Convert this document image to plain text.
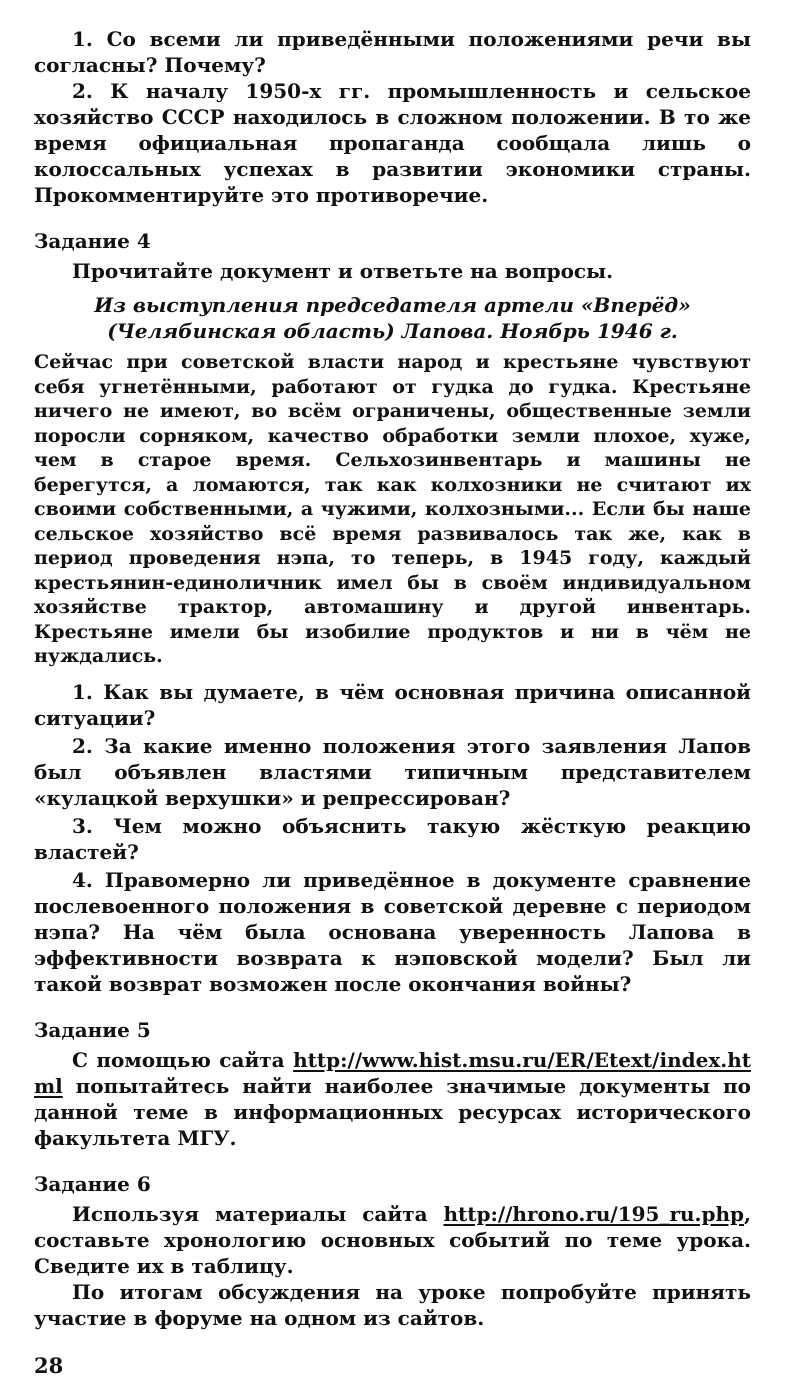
1. Со всеми ли приведёнными положениями речи вы согласны? Почему?

2. К началу 1950-х гг. промышленность и сельское хозяйство СССР находилось в сложном положении. В то же время официальная пропаганда сообщала лишь о колоссальных успехах в развитии экономики страны. Прокомментируйте это противоречие.

Задание 4

Прочитайте документ и ответьте на вопросы.

Из выступления председателя артели «Вперёд»

(Челябинская область) Лапова. Ноябрь 1946 г.

Сейчас при советской власти народ и крестьяне чувствуют себя угнетёнными, работают от гудка до гудка. Крестьяне ничего не имеют, во всём ограничены, общественные земли поросли сорняком, качество обработки земли плохое, хуже, чем в старое время. Сельхозинвентарь и машины не берегутся, а ломаются, так как колхозники не считают их своими собственными, а чужими, колхозными... Если бы наше сельское хозяйство всё время развивалось так же, как в период проведения нэпа, то теперь, в 1945 году, каждый крестьянин-единоличник имел бы в своём индивидуальном хозяйстве трактор, автомашину и другой инвентарь. Крестьяне имели бы изобилие продуктов и ни в чём не нуждались.

1. Как вы думаете, в чём основная причина описанной ситуации?

2. За какие именно положения этого заявления Лапов был объявлен властями типичным представителем «кулацкой верхушки» и репрессирован?

3. Чем можно объяснить такую жёсткую реакцию властей?

4. Правомерно ли приведённое в документе сравнение послевоенного положения в советской деревне с периодом нэпа? На чём была основана уверенность Лапова в эффективности возврата к нэповской модели? Был ли такой возврат возможен после окончания войны?

Задание 5

С помощью сайта http://www.hist.msu.ru/ER/Etext/index.html попытайтесь найти наиболее значимые документы по данной теме в информационных ресурсах исторического факультета МГУ.

Задание 6

Используя материалы сайта http://hrono.ru/195_ru.php, составьте хронологию основных событий по теме урока. Сведите их в таблицу.

По итогам обсуждения на уроке попробуйте принять участие в форуме на одном из сайтов.

28
